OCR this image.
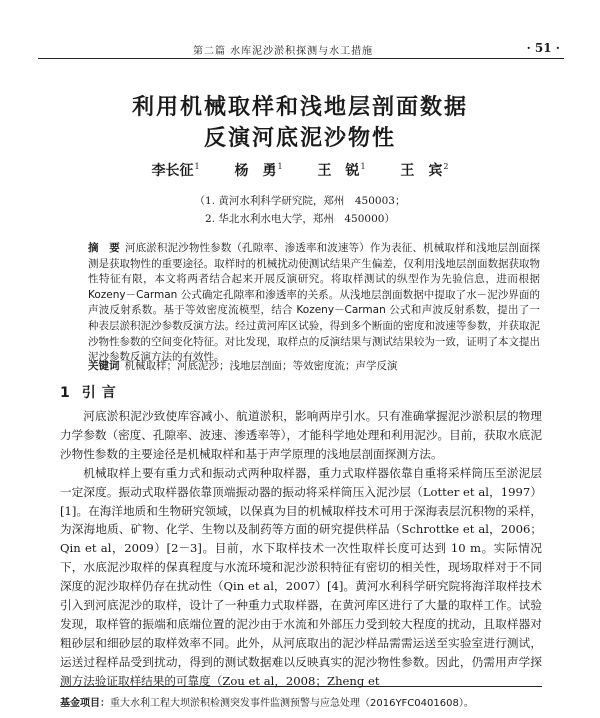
第二篇 水库泥沙淤积探测与水工措施	· 51 ·
利用机械取样和浅地层剖面数据
反演河底泥沙物性
李长征$^1$ 杨　勇$^1$ 王　锐$^1$ 王　宾$^2$
（1. 黄河水利科学研究院，郑州　450003；
2. 华北水利水电大学，郑州　450000）
摘　要 河底淤积泥沙物性参数（孔隙率、渗透率和波速等）作为表征、机械取样和浅地层剖面探测是获取物性的重要途径。取样时的机械扰动使测试结果产生偏差，仅利用浅地层剖面数据获取物性特征有限，本文将两者结合起来开展反演研究。将取样测试的纵型作为先验信息，进而根据 Kozeny－Carman 公式确定孔隙率和渗透率的关系。从浅地层剖面数据中提取了水－泥沙界面的声波反射系数。基于等效密度流模型，结合 Kozeny－Carman 公式和声波反射系数，提出了一种表层淤积泥沙参数反演方法。经过黄河库区试验，得到多个断面的密度和波速等参数，并获取泥沙物性参数的空间变化特征。对比发现，取样点的反演结果与测试结果较为一致，证明了本文提出泥沙参数反演方法的有效性。
关键词 机械取样；河底泥沙；浅地层剖面；等效密度流；声学反演
1 引言

河底淤积泥沙致使库容减小、航道淤积，影响两岸引水。只有准确掌握泥沙淤积层的物理力学参数（密度、孔隙率、波速、渗透率等），才能科学地处理和利用泥沙。目前，获取水底泥沙物性参数的主要途径是机械取样和基于声学原理的浅地层剖面探测方法。

机械取样上要有重力式和振动式两种取样器，重力式取样器依靠自重将采样筒压至淤泥层一定深度。振动式取样器依靠顶端振动器的振动将采样筒压入泥沙层（Lotter et al，1997）[1]。在海洋地质和生物研究领域，以保真为目的机械取样技术可用于深海表层沉积物的采样，为深海地质、矿物、化学、生物以及制药等方面的研究提供样品（Schrottke et al，2006；Qin et al，2009）[2－3]。目前，水下取样技术一次性取样长度可达到 10 m。实际情况下，水底泥沙取样的保真程度与水流环境和泥沙淤积特征有密切的相关性，现场取样对于不同深度的泥沙取样仍存在扰动性（Qin et al，2007）[4]。黄河水利科学研究院将海洋取样技术引入到河底泥沙的取样，设计了一种重力式取样器，在黄河库区进行了大量的取样工作。试验发现，取样管的振端和底端位置的泥沙由于水流和外部压力受到较大程度的扰动，且取样器对粗砂层和细砂层的取样效率不同。此外，从河底取出的泥沙样品需需运送至实验室进行测试，运送过程样品受到扰动，得到的测试数据难以反映真实的泥沙物性参数。因此，仍需用声学探测方法验证取样结果的可靠度（Zou et al，2008；Zheng et

基金项目：重大水利工程大坝淤积检测突发事件监测预警与应急处理（2016YFC0401608）。
